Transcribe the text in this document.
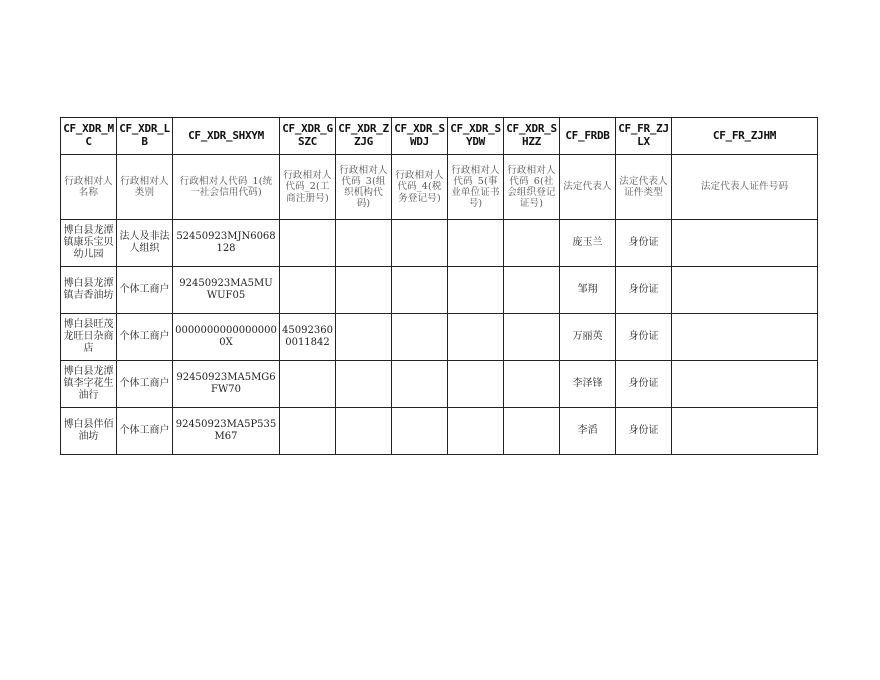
CF_XDR_MC	CF_XDR_LB	CF_XDR_SHXYM	CF_XDR_GSZC	CF_XDR_ZZJG	CF_XDR_SWDJ	CF_XDR_SYDW	CF_XDR_SHZZ	CF_FRDB	CF_FR_ZJLX	CF_FR_ZJHM
行政相对人名称	行政相对人类别	行政相对人代码_1(统一社会信用代码)	行政相对人代码_2(工商注册号)	行政相对人代码_3(组织机构代码)	行政相对人代码_4(税务登记号)	行政相对人代码_5(事业单位证书号)	行政相对人代码_6(社会组织登记证号)	法定代表人	法定代表人证件类型	法定代表人证件号码
博白县龙潭镇康乐宝贝幼儿园	法人及非法人组织	52450923MJN6068128						庞玉兰	身份证	
博白县龙潭镇吉香油坊	个体工商户	92450923MA5MUWUF05						邹翔	身份证	
博白县旺茂龙旺日杂商店	个体工商户	00000000000000000X	450923600011842					万丽英	身份证	
博白县龙潭镇李字花生油行	个体工商户	92450923MA5MG6FW70						李泽锋	身份证	
博白县伴佰油坊	个体工商户	92450923MA5P535M67						李滔	身份证	
